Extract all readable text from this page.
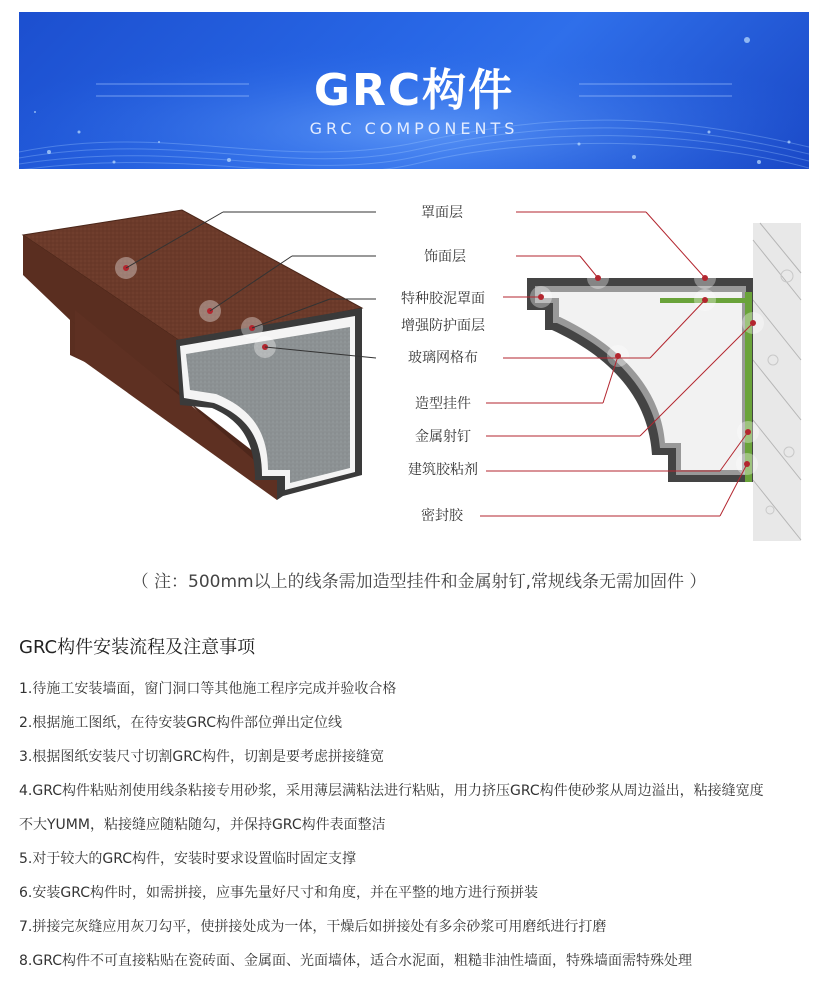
GRC构件
GRC COMPONENTS
罩面层
饰面层
特种胶泥罩面
增强防护面层
玻璃网格布
造型挂件
金属射钉
建筑胶粘剂
密封胶
（ 注：500mm以上的线条需加造型挂件和金属射钉,常规线条无需加固件 ）
GRC构件安装流程及注意事项
1.待施工安装墙面，窗门洞口等其他施工程序完成并验收合格
2.根据施工图纸，在待安装GRC构件部位弹出定位线
3.根据图纸安装尺寸切割GRC构件，切割是要考虑拼接缝宽
4.GRC构件粘贴剂使用线条粘接专用砂浆，采用薄层满粘法进行粘贴，用力挤压GRC构件使砂浆从周边溢出，粘接缝宽度
不大YUMM，粘接缝应随粘随勾，并保持GRC构件表面整洁
5.对于较大的GRC构件，安装时要求设置临时固定支撑
6.安装GRC构件时，如需拼接，应事先量好尺寸和角度，并在平整的地方进行预拼装
7.拼接完灰缝应用灰刀勾平，使拼接处成为一体，干燥后如拼接处有多余砂浆可用磨纸进行打磨
8.GRC构件不可直接粘贴在瓷砖面、金属面、光面墙体，适合水泥面，粗糙非油性墙面，特殊墙面需特殊处理
